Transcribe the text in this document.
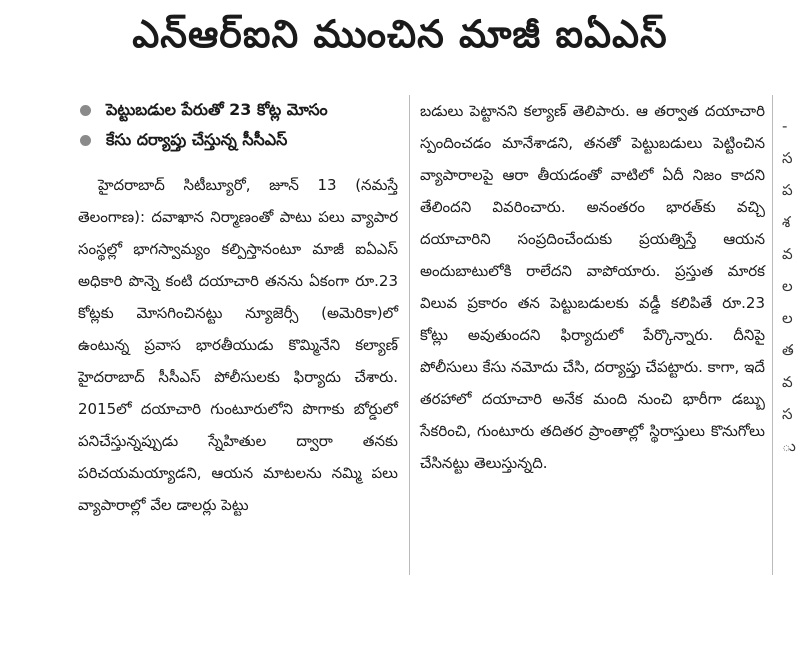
ఎన్ఆర్ఐని ముంచిన మాజీ ఐఏఎస్
పెట్టుబడుల పేరుతో 23 కోట్ల మోసం
కేసు దర్యాప్తు చేస్తున్న సీసీఎస్

హైదరాబాద్ సిటీబ్యూరో, జూన్ 13 (నమస్తే తెలంగాణ): దవాఖాన నిర్మాణంతో పాటు పలు వ్యాపార సంస్థల్లో భాగస్వామ్యం కల్పిస్తానంటూ మాజీ ఐఏఎస్ అధికారి పొన్నె కంటి దయాచారి తనను ఏకంగా రూ.23 కోట్లకు మోసగించినట్టు న్యూజెర్సీ (అమెరికా)లో ఉంటున్న ప్రవాస భారతీయుడు కొమ్మినేని కల్యాణ్ హైదరాబాద్ సీసీఎస్ పోలీసులకు ఫిర్యాదు చేశారు. 2015లో దయాచారి గుంటూరులోని పొగాకు బోర్డులో పనిచేస్తున్నప్పుడు స్నేహితుల ద్వారా తనకు పరిచయమయ్యాడని, ఆయన మాటలను నమ్మి పలు వ్యాపారాల్లో వేల డాలర్లు పెట్టు

బడులు పెట్టానని కల్యాణ్ తెలిపారు. ఆ తర్వాత దయాచారి స్పందించడం మానేశాడని, తనతో పెట్టుబడులు పెట్టించిన వ్యాపారాలపై ఆరా తీయడంతో వాటిలో ఏదీ నిజం కాదని తేలిందని వివరించారు. అనంతరం భారత్‌కు వచ్చి దయాచారిని సంప్రదించేందుకు ప్రయత్నిస్తే ఆయన అందుబాటులోకి రాలేదని వాపోయారు. ప్రస్తుత మారక విలువ ప్రకారం తన పెట్టుబడులకు వడ్డీ కలిపితే రూ.23 కోట్లు అవుతుందని ఫిర్యాదులో పేర్కొన్నారు. దీనిపై పోలీసులు కేసు నమోదు చేసి, దర్యాప్తు చేపట్టారు. కాగా, ఇదే తరహాలో దయాచారి అనేక మంది నుంచి భారీగా డబ్బు సేకరించి, గుంటూరు తదితర ప్రాంతాల్లో స్థిరాస్తులు కొనుగోలు చేసినట్టు తెలుస్తున్నది.

-
స
ప
శ
వ
ల
ల
త
వ
స
ు
